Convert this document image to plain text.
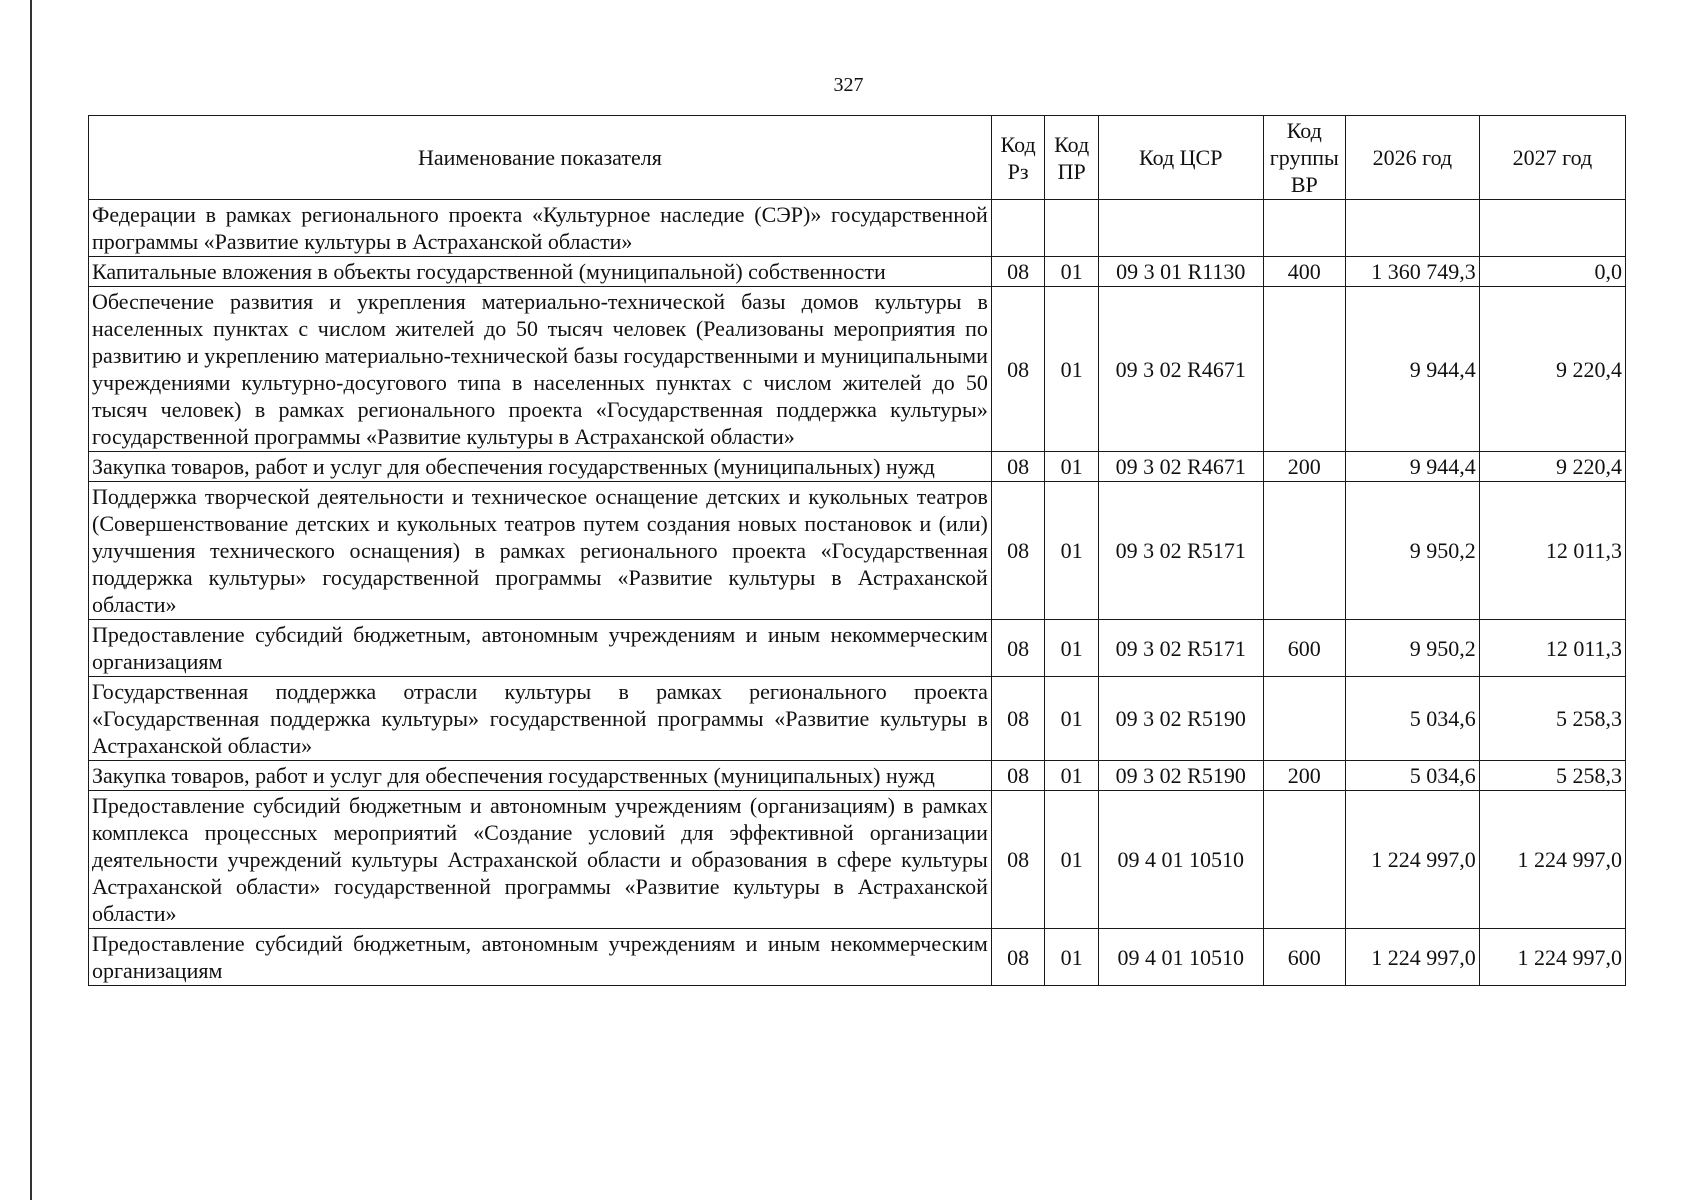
327
Наименование показателя	Код Рз	Код ПР	Код ЦСР	Код группы ВР	2026 год	2027 год
Федерации в рамках регионального проекта «Культурное наследие (СЭР)» государственной программы «Развитие культуры в Астраханской области»						
Капитальные вложения в объекты государственной (муниципальной) собственности	08	01	09 3 01 R1130	400	1 360 749,3	0,0
Обеспечение развития и укрепления материально-технической базы домов культуры в населенных пунктах с числом жителей до 50 тысяч человек (Реализованы мероприятия по развитию и укреплению материально-технической базы государственными и муниципальными учреждениями культурно-досугового типа в населенных пунктах с числом жителей до 50 тысяч человек) в рамках регионального проекта «Государственная поддержка культуры» государственной программы «Развитие культуры в Астраханской области»	08	01	09 3 02 R4671		9 944,4	9 220,4
Закупка товаров, работ и услуг для обеспечения государственных (муниципальных) нужд	08	01	09 3 02 R4671	200	9 944,4	9 220,4
Поддержка творческой деятельности и техническое оснащение детских и кукольных театров (Совершенствование детских и кукольных театров путем создания новых постановок и (или) улучшения технического оснащения) в рамках регионального проекта «Государственная поддержка культуры» государственной программы «Развитие культуры в Астраханской области»	08	01	09 3 02 R5171		9 950,2	12 011,3
Предоставление субсидий бюджетным, автономным учреждениям и иным некоммерческим организациям	08	01	09 3 02 R5171	600	9 950,2	12 011,3
Государственная поддержка отрасли культуры в рамках регионального проекта «Государственная поддержка культуры» государственной программы «Развитие культуры в Астраханской области»	08	01	09 3 02 R5190		5 034,6	5 258,3
Закупка товаров, работ и услуг для обеспечения государственных (муниципальных) нужд	08	01	09 3 02 R5190	200	5 034,6	5 258,3
Предоставление субсидий бюджетным и автономным учреждениям (организациям) в рамках комплекса процессных мероприятий «Создание условий для эффективной организации деятельности учреждений культуры Астраханской области и образования в сфере культуры Астраханской области» государственной программы «Развитие культуры в Астраханской области»	08	01	09 4 01 10510		1 224 997,0	1 224 997,0
Предоставление субсидий бюджетным, автономным учреждениям и иным некоммерческим организациям	08	01	09 4 01 10510	600	1 224 997,0	1 224 997,0
